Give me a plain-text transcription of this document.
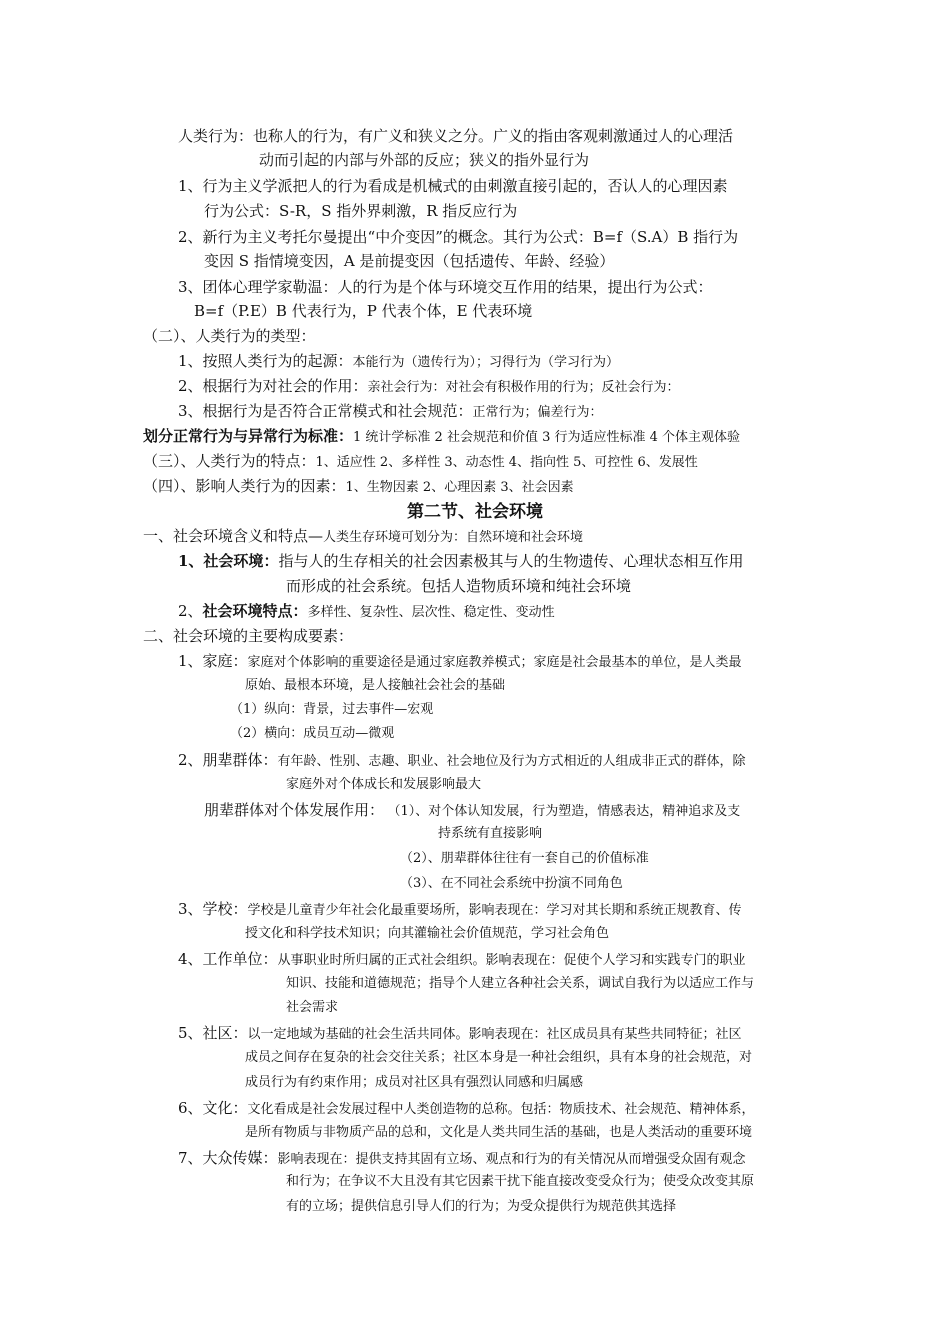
人类行为：也称人的行为，有广义和狭义之分。广义的指由客观刺激通过人的心理活
动而引起的内部与外部的反应；狭义的指外显行为
1、行为主义学派把人的行为看成是机械式的由刺激直接引起的，否认人的心理因素
行为公式：S-R，S 指外界刺激，R 指反应行为
2、新行为主义考托尔曼提出“中介变因”的概念。其行为公式：B=f（S.A）B 指行为
变因 S 指情境变因，A 是前提变因（包括遗传、年龄、经验）
3、团体心理学家勒温：人的行为是个体与环境交互作用的结果，提出行为公式：
B=f（P.E）B 代表行为，P 代表个体，E 代表环境
（二）、人类行为的类型：
1、按照人类行为的起源：本能行为（遗传行为）；习得行为（学习行为）
2、根据行为对社会的作用：亲社会行为：对社会有积极作用的行为；反社会行为：
3、根据行为是否符合正常模式和社会规范：正常行为；偏差行为：
划分正常行为与异常行为标准：1 统计学标准 2 社会规范和价值 3 行为适应性标准 4 个体主观体验
（三）、人类行为的特点：1、适应性 2、多样性 3、动态性 4、指向性 5、可控性 6、发展性
（四）、影响人类行为的因素：1、生物因素 2、心理因素 3、社会因素
第二节、社会环境
一、社会环境含义和特点—人类生存环境可划分为：自然环境和社会环境
1、社会环境：指与人的生存相关的社会因素极其与人的生物遗传、心理状态相互作用
而形成的社会系统。包括人造物质环境和纯社会环境
2、社会环境特点：多样性、复杂性、层次性、稳定性、变动性
二、社会环境的主要构成要素：
1、家庭：家庭对个体影响的重要途径是通过家庭教养模式；家庭是社会最基本的单位，是人类最
原始、最根本环境，是人接触社会社会的基础
（1）纵向：背景，过去事件—宏观
（2）横向：成员互动—微观
2、朋辈群体：有年龄、性别、志趣、职业、社会地位及行为方式相近的人组成非正式的群体，除
家庭外对个体成长和发展影响最大
朋辈群体对个体发展作用： （1）、对个体认知发展，行为塑造，情感表达，精神追求及支
持系统有直接影响
（2）、朋辈群体往往有一套自己的价值标准
（3）、在不同社会系统中扮演不同角色
3、学校：学校是儿童青少年社会化最重要场所，影响表现在：学习对其长期和系统正规教育、传
授文化和科学技术知识；向其灌输社会价值规范，学习社会角色
4、工作单位：从事职业时所归属的正式社会组织。影响表现在：促使个人学习和实践专门的职业
知识、技能和道德规范；指导个人建立各种社会关系，调试自我行为以适应工作与
社会需求
5、社区：以一定地域为基础的社会生活共同体。影响表现在：社区成员具有某些共同特征；社区
成员之间存在复杂的社会交往关系；社区本身是一种社会组织，具有本身的社会规范，对
成员行为有约束作用；成员对社区具有强烈认同感和归属感
6、文化：文化看成是社会发展过程中人类创造物的总称。包括：物质技术、社会规范、精神体系，
是所有物质与非物质产品的总和，文化是人类共同生活的基础，也是人类活动的重要环境
7、大众传媒：影响表现在：提供支持其固有立场、观点和行为的有关情况从而增强受众固有观念
和行为；在争议不大且没有其它因素干扰下能直接改变受众行为；使受众改变其原
有的立场；提供信息引导人们的行为；为受众提供行为规范供其选择
